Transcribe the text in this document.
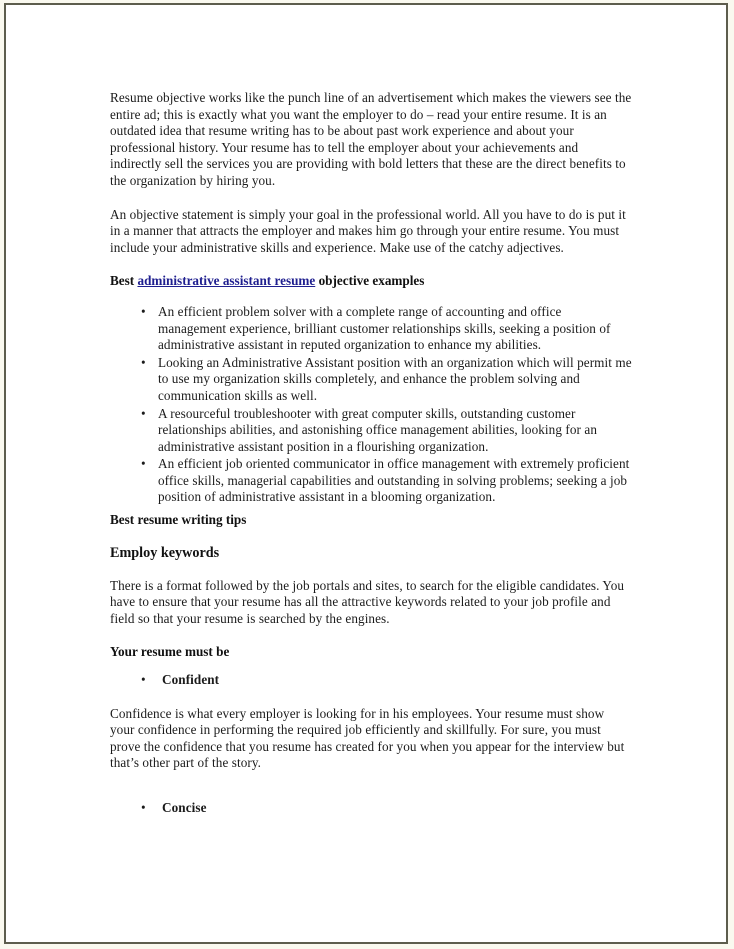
Resume objective works like the punch line of an advertisement which makes the viewers see the entire ad; this is exactly what you want the employer to do – read your entire resume. It is an outdated idea that resume writing has to be about past work experience and about your professional history. Your resume has to tell the employer about your achievements and indirectly sell the services you are providing with bold letters that these are the direct benefits to the organization by hiring you.

An objective statement is simply your goal in the professional world. All you have to do is put it in a manner that attracts the employer and makes him go through your entire resume. You must include your administrative skills and experience. Make use of the catchy adjectives.

Best administrative assistant resume objective examples

• An efficient problem solver with a complete range of accounting and office management experience, brilliant customer relationships skills, seeking a position of administrative assistant in reputed organization to enhance my abilities.
• Looking an Administrative Assistant position with an organization which will permit me to use my organization skills completely, and enhance the problem solving and communication skills as well.
• A resourceful troubleshooter with great computer skills, outstanding customer relationships abilities, and astonishing office management abilities, looking for an administrative assistant position in a flourishing organization.
• An efficient job oriented communicator in office management with extremely proficient office skills, managerial capabilities and outstanding in solving problems; seeking a job position of administrative assistant in a blooming organization.

Best resume writing tips

Employ keywords

There is a format followed by the job portals and sites, to search for the eligible candidates. You have to ensure that your resume has all the attractive keywords related to your job profile and field so that your resume is searched by the engines.

Your resume must be

• Confident

Confidence is what every employer is looking for in his employees. Your resume must show your confidence in performing the required job efficiently and skillfully. For sure, you must prove the confidence that you resume has created for you when you appear for the interview but that’s other part of the story.

• Concise
